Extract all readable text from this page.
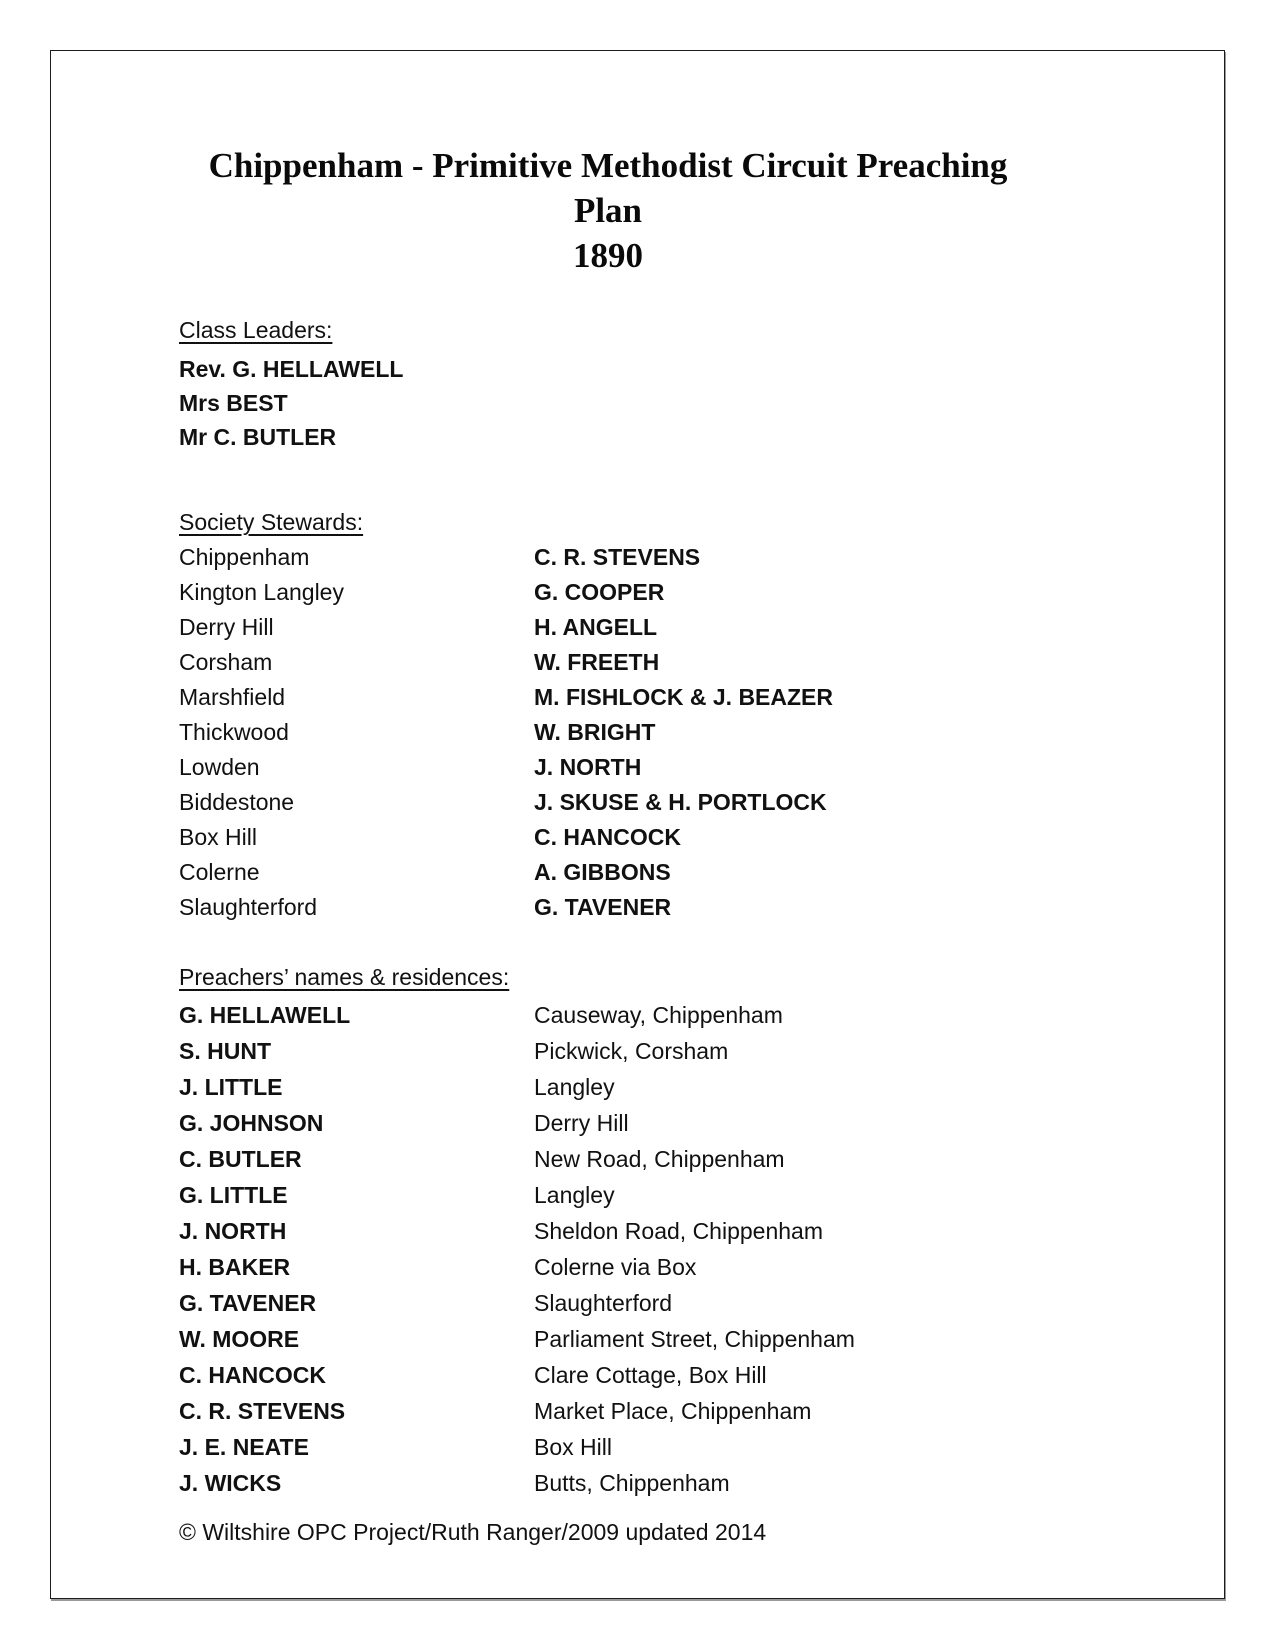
Chippenham - Primitive Methodist Circuit Preaching Plan
1890
Class Leaders:
Rev. G. HELLAWELL
Mrs BEST
Mr C. BUTLER
Society Stewards:
Chippenham	C. R. STEVENS
Kington Langley	G. COOPER
Derry Hill	H. ANGELL
Corsham	W. FREETH
Marshfield	M. FISHLOCK & J. BEAZER
Thickwood	W. BRIGHT
Lowden	J. NORTH
Biddestone	J. SKUSE & H. PORTLOCK
Box Hill	C. HANCOCK
Colerne	A. GIBBONS
Slaughterford	G. TAVENER
Preachers’ names & residences:
G. HELLAWELL	Causeway, Chippenham
S. HUNT	Pickwick, Corsham
J. LITTLE	Langley
G. JOHNSON	Derry Hill
C. BUTLER	New Road, Chippenham
G. LITTLE	Langley
J. NORTH	Sheldon Road, Chippenham
H. BAKER	Colerne via Box
G. TAVENER	Slaughterford
W. MOORE	Parliament Street, Chippenham
C. HANCOCK	Clare Cottage, Box Hill
C. R. STEVENS	Market Place, Chippenham
J. E. NEATE	Box Hill
J. WICKS	Butts, Chippenham
© Wiltshire OPC Project/Ruth Ranger/2009 updated 2014
